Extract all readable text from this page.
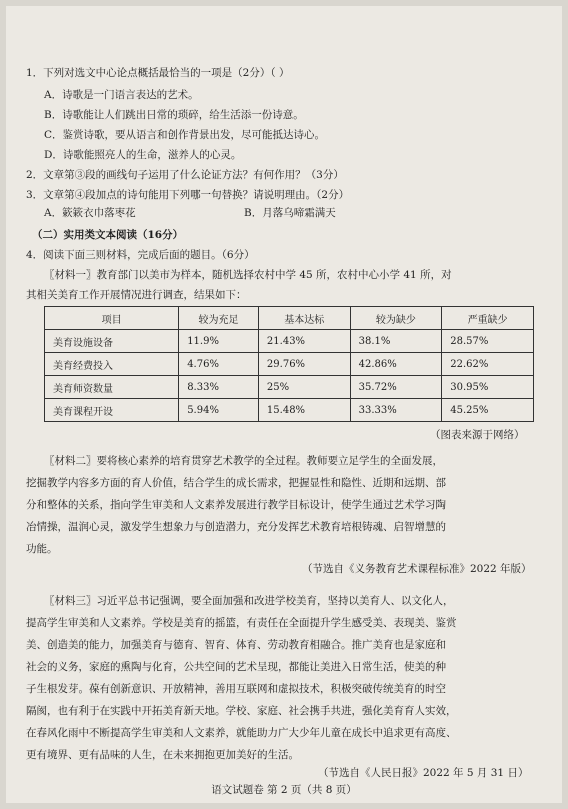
1．下列对选文中心论点概括最恰当的一项是（2分）（ ）
A．诗歌是一门语言表达的艺术。
B．诗歌能让人们跳出日常的琐碎，给生活添一份诗意。
C．鉴赏诗歌，要从语言和创作背景出发，尽可能抵达诗心。
D．诗歌能照亮人的生命，滋养人的心灵。
2．文章第③段的画线句子运用了什么论证方法？有何作用？（3分）
3．文章第④段加点的诗句能用下列哪一句替换？请说明理由。（2分）
A．簌簌衣巾落枣花	B．月落乌啼霜满天
（二）实用类文本阅读（16分）
4．阅读下面三则材料，完成后面的题目。（6分）
〖材料一〗教育部门以美市为样本，随机选择农村中学 45 所，农村中心小学 41 所，对
其相关美育工作开展情况进行调查，结果如下：
项目	较为充足	基本达标	较为缺少	严重缺少
美育设施设备	11.9%	21.43%	38.1%	28.57%
美育经费投入	4.76%	29.76%	42.86%	22.62%
美育师资数量	8.33%	25%	35.72%	30.95%
美育课程开设	5.94%	15.48%	33.33%	45.25%
（图表来源于网络）
〖材料二〗要将核心素养的培育贯穿艺术教学的全过程。教师要立足学生的全面发展，
挖掘教学内容多方面的育人价值，结合学生的成长需求，把握显性和隐性、近期和远期、部
分和整体的关系，指向学生审美和人文素养发展进行教学目标设计，使学生通过艺术学习陶
冶情操，温润心灵，激发学生想象力与创造潜力，充分发挥艺术教育培根铸魂、启智增慧的
功能。
（节选自《义务教育艺术课程标准》2022 年版）
〖材料三〗习近平总书记强调，要全面加强和改进学校美育，坚持以美育人、以文化人，
提高学生审美和人文素养。学校是美育的摇篮，有责任在全面提升学生感受美、表现美、鉴赏
美、创造美的能力，加强美育与德育、智育、体育、劳动教育相融合。推广美育也是家庭和
社会的义务，家庭的熏陶与化育，公共空间的艺术呈现，都能让美进入日常生活，使美的种
子生根发芽。葆有创新意识、开放精神，善用互联网和虚拟技术，积极突破传统美育的时空
隔阂，也有利于在实践中开拓美育新天地。学校、家庭、社会携手共进，强化美育育人实效，
在春风化雨中不断提高学生审美和人文素养，就能助力广大少年儿童在成长中追求更有高度、
更有境界、更有品味的人生，在未来拥抱更加美好的生活。
（节选自《人民日报》2022 年 5 月 31 日）
语文试题卷 第 2 页（共 8 页）
